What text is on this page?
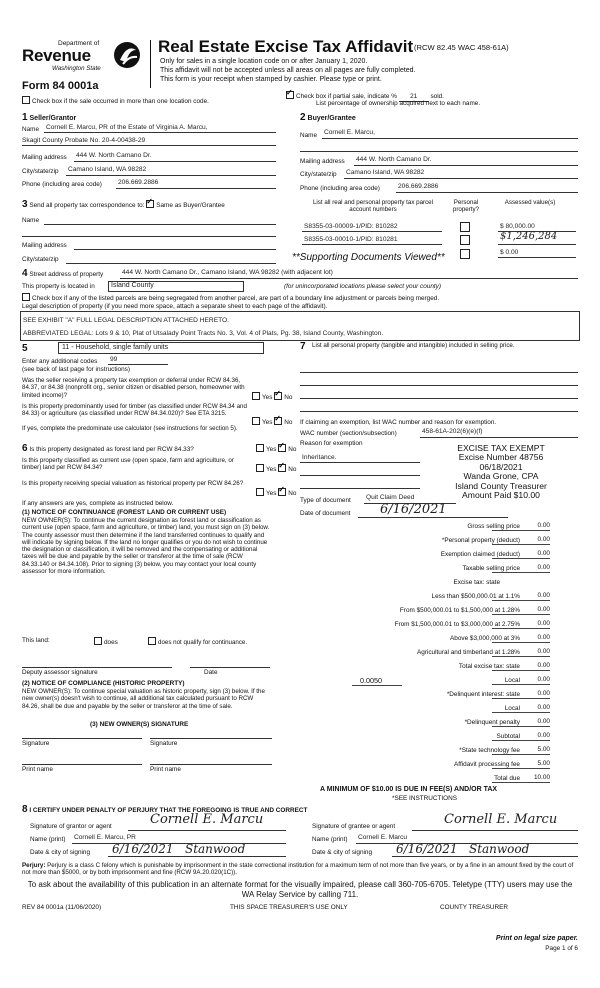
Department of
Revenue
Washington State
Form 84 0001a
Real Estate Excise Tax Affidavit (RCW 82.45 WAC 458-61A)
Only for sales in a single location code on or after January 1, 2020.
This affidavit will not be accepted unless all areas on all pages are fully completed.
This form is your receipt when stamped by cashier. Please type or print.
Check box if the sale occurred in more than one location code.
✓Check box if partial sale, indicate % 21 sold.
List percentage of ownership acquired next to each name.
1 Seller/Grantor
Name Cornell E. Marcu, PR of the Estate of Virginia A. Marcu,
Skagit County Probate No. 20-4-00438-29
Mailing address 444 W. North Camano Dr.
City/state/zip Camano Island, WA 98282
Phone (including area code) 206.669.2886
2 Buyer/Grantee
Name Cornell E. Marcu,
Mailing address 444 W. North Camano Dr.
City/state/zip Camano Island, WA 98282
Phone (including area code)	206.669.2886
3 Send all property tax correspondence to: ✓ Same as Buyer/Grantee
Name
Mailing address
City/state/zip
List all real and personal property tax parcel account numbers
Personal property?
Assessed value(s)
S8355-03-00009-1/PID: 810282	$ 80,000.00
S8355-03-00010-1/PID: 810281	$1,246,284
**Supporting Documents Viewed**	$ 0.00
4 Street address of property	444 W. North Camano Dr., Camano Island, WA 98282 (with adjacent lot)
This property is located in Island County	(for unincorporated locations please select your county)
Check box if any of the listed parcels are being segregated from another parcel, are part of a boundary line adjustment or parcels being merged.
Legal description of property (if you need more space, attach a separate sheet to each page of the affidavit).
SEE EXHIBIT "A" FULL LEGAL DESCRIPTION ATTACHED HERETO.
ABBREVIATED LEGAL: Lots 9 & 10, Plat of Utsalady Point Tracts No. 3, Vol. 4 of Plats, Pg. 38, Island County, Washington.
5	11 - Household, single family units
Enter any additional codes 99
(see back of last page for instructions)
Was the seller receiving a property tax exemption or deferral under RCW 84.36, 84.37, or 84.38 (nonprofit org., senior citizen or disabled person, homeowner with limited income)?	Yes ✓ No
Is this property predominantly used for timber (as classified under RCW 84.34 and 84.33) or agriculture (as classified under RCW 84.34.020)? See ETA 3215.
Yes ✓ No
If yes, complete the predominate use calculator (see instructions for section 5).
6 Is this property designated as forest land per RCW 84.33?	Yes ✓ No
Is this property classified as current use (open space, farm and agriculture, or timber) land per RCW 84.34?	Yes ✓ No
Is this property receiving special valuation as historical property per RCW 84.26?
Yes ✓ No
If any answers are yes, complete as instructed below.
(1) NOTICE OF CONTINUANCE (FOREST LAND OR CURRENT USE)
NEW OWNER(S): To continue the current designation as forest land or classification as current use (open space, farm and agriculture, or timber) land, you must sign on (3) below. The county assessor must then determine if the land transferred continues to qualify and will indicate by signing below. If the land no longer qualifies or you do not wish to continue the designation or classification, it will be removed and the compensating or additional taxes will be due and payable by the seller or transferor at the time of sale (RCW 84.33.140 or 84.34.108). Prior to signing (3) below, you may contact your local county assessor for more information.
This land:	does	does not qualify for continuance.
Deputy assessor signature	Date
(2) NOTICE OF COMPLIANCE (HISTORIC PROPERTY)
NEW OWNER(S): To continue special valuation as historic property, sign (3) below. If the new owner(s) doesn't wish to continue, all additional tax calculated pursuant to RCW 84.26, shall be due and payable by the seller or transferor at the time of sale.
(3) NEW OWNER(S) SIGNATURE
Signature	Signature
Print name	Print name
7 List all personal property (tangible and intangible) included in selling price.
If claiming an exemption, list WAC number and reason for exemption.
WAC number (section/subsection)	458-61A-202(6)(e)(f)
Reason for exemption
Inheritance.
EXCISE TAX EXEMPT
Excise Number 48756
06/18/2021
Wanda Grone, CPA
Island County Treasurer
Amount Paid $10.00
Type of document Quit Claim Deed
Date of document 6/16/2021
Gross selling price	0.00
*Personal property (deduct)	0.00
Exemption claimed (deduct)	0.00
Taxable selling price	0.00
Excise tax: state
Less than $500,000.01 at 1.1%	0.00
From $500,000.01 to $1,500,000 at 1.28%	0.00
From $1,500,000.01 to $3,000,000 at 2.75%	0.00
Above $3,000,000 at 3%	0.00
Agricultural and timberland at 1.28%	0.00
Total excise tax: state	0.00
0.0050	Local	0.00
*Delinquent interest: state	0.00
Local	0.00
*Delinquent penalty	0.00
Subtotal	0.00
*State technology fee	5.00
Affidavit processing fee	5.00
Total due 10.00
A MINIMUM OF $10.00 IS DUE IN FEE(S) AND/OR TAX
*SEE INSTRUCTIONS
8 I CERTIFY UNDER PENALTY OF PERJURY THAT THE FOREGOING IS TRUE AND CORRECT
Signature of grantor or agent	Cornell E. Marcu	Signature of grantee or agent	Cornell E. Marcu
Name (print) Cornell E. Marcu, PR	Name (print) Cornell E. Marcu
Date & city of signing 6/16/2021   Stanwood	Date & city of signing 6/16/2021   Stanwood
Perjury: Perjury is a class C felony which is punishable by imprisonment in the state correctional institution for a maximum term of not more than five years, or by a fine in an amount fixed by the court of not more than $5000, or by both imprisonment and fine (RCW 9A.20.020(1C)).
To ask about the availability of this publication in an alternate format for the visually impaired, please call 360-705-6705. Teletype (TTY) users may use the WA Relay Service by calling 711.
REV 84 0001a (11/06/2020)	THIS SPACE TREASURER'S USE ONLY	COUNTY TREASURER
Print on legal size paper.
Page 1 of 6
